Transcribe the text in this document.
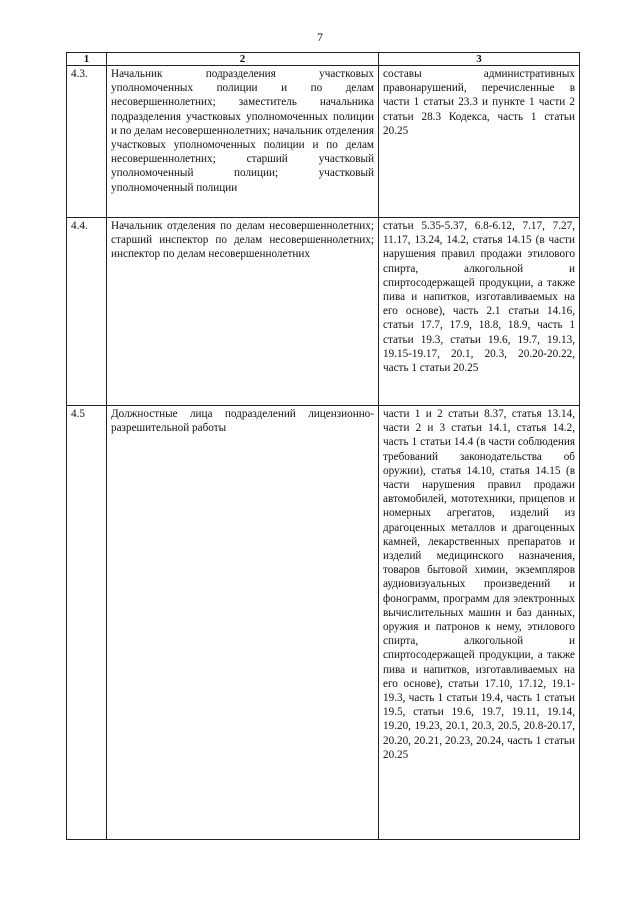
7
1	2	3
4.3.	Начальник подразделения участковых уполномоченных полиции и по делам несовершеннолетних; заместитель начальника подразделения участковых уполномоченных полиции и по делам несовершеннолетних; начальник отделения участковых уполномоченных полиции и по делам несовершеннолетних; старший участковый уполномоченный полиции; участковый уполномоченный полиции	составы административных правонарушений, перечисленные в части 1 статьи 23.3 и пункте 1 части 2 статьи 28.3 Кодекса, часть 1 статьи 20.25
4.4.	Начальник отделения по делам несовершеннолетних; старший инспектор по делам несовершеннолетних; инспектор по делам несовершеннолетних	статьи 5.35-5.37, 6.8-6.12, 7.17, 7.27, 11.17, 13.24, 14.2, статья 14.15 (в части нарушения правил продажи этилового спирта, алкогольной и спиртосодержащей продукции, а также пива и напитков, изготавливаемых на его основе), часть 2.1 статьи 14.16, статьи 17.7, 17.9, 18.8, 18.9, часть 1 статьи 19.3, статьи 19.6, 19.7, 19.13, 19.15-19.17, 20.1, 20.3, 20.20-20.22, часть 1 статьи 20.25
4.5	Должностные лица подразделений лицензионно-разрешительной работы	части 1 и 2 статьи 8.37, статья 13.14, части 2 и 3 статьи 14.1, статья 14.2, часть 1 статьи 14.4 (в части соблюдения требований законодательства об оружии), статья 14.10, статья 14.15 (в части нарушения правил продажи автомобилей, мототехники, прицепов и номерных агрегатов, изделий из драгоценных металлов и драгоценных камней, лекарственных препаратов и изделий медицинского назначения, товаров бытовой химии, экземпляров аудиовизуальных произведений и фонограмм, программ для электронных вычислительных машин и баз данных, оружия и патронов к нему, этилового спирта, алкогольной и спиртосодержащей продукции, а также пива и напитков, изготавливаемых на его основе), статьи 17.10, 17.12, 19.1-19.3, часть 1 статьи 19.4, часть 1 статьи 19.5, статьи 19.6, 19.7, 19.11, 19.14, 19.20, 19.23, 20.1, 20.3, 20.5, 20.8-20.17, 20.20, 20.21, 20.23, 20.24, часть 1 статьи 20.25
